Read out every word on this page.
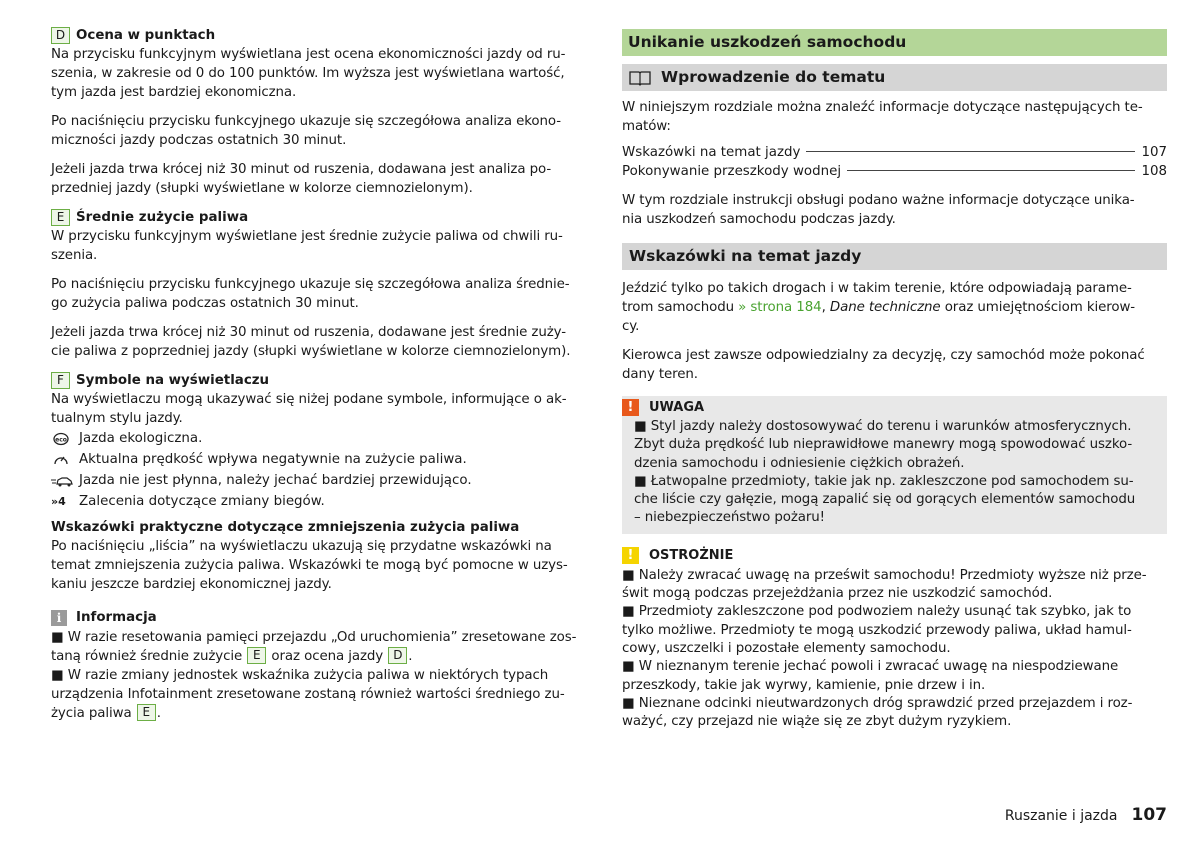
D Ocena w punktach

Na przycisku funkcyjnym wyświetlana jest ocena ekonomiczności jazdy od ru-
szenia, w zakresie od 0 do 100 punktów. Im wyższa jest wyświetlana wartość,
tym jazda jest bardziej ekonomiczna.

Po naciśnięciu przycisku funkcyjnego ukazuje się szczegółowa analiza ekono-
miczności jazdy podczas ostatnich 30 minut.

Jeżeli jazda trwa krócej niż 30 minut od ruszenia, dodawana jest analiza po-
przedniej jazdy (słupki wyświetlane w kolorze ciemnozielonym).

E Średnie zużycie paliwa

W przycisku funkcyjnym wyświetlane jest średnie zużycie paliwa od chwili ru-
szenia.

Po naciśnięciu przycisku funkcyjnego ukazuje się szczegółowa analiza średnie-
go zużycia paliwa podczas ostatnich 30 minut.

Jeżeli jazda trwa krócej niż 30 minut od ruszenia, dodawane jest średnie zuży-
cie paliwa z poprzedniej jazdy (słupki wyświetlane w kolorze ciemnozielonym).

F Symbole na wyświetlaczu

Na wyświetlaczu mogą ukazywać się niżej podane symbole, informujące o ak-
tualnym stylu jazdy.

eco Jazda ekologiczna.
Aktualna prędkość wpływa negatywnie na zużycie paliwa.
Jazda nie jest płynna, należy jechać bardziej przewidująco.
»4 Zalecenia dotyczące zmiany biegów.
Wskazówki praktyczne dotyczące zmniejszenia zużycia paliwa

Po naciśnięciu „liścia” na wyświetlaczu ukazują się przydatne wskazówki na
temat zmniejszenia zużycia paliwa. Wskazówki te mogą być pomocne w uzys-
kaniu jeszcze bardziej ekonomicznej jazdy.

i	Informacja

■ W razie resetowania pamięci przejazdu „Od uruchomienia” zresetowane zos-
taną również średnie zużycie E oraz ocena jazdy D .

■ W razie zmiany jednostek wskaźnika zużycia paliwa w niektórych typach
urządzenia Infotainment zresetowane zostaną również wartości średniego zu-
życia paliwa E .

Unikanie uszkodzeń samochodu
Wprowadzenie do tematu

W niniejszym rozdziale można znaleźć informacje dotyczące następujących te-
matów:

Wskazówki na temat jazdy	107
Pokonywanie przeszkody wodnej	108

W tym rozdziale instrukcji obsługi podano ważne informacje dotyczące unika-
nia uszkodzeń samochodu podczas jazdy.

Wskazówki na temat jazdy

Jeździć tylko po takich drogach i w takim terenie, które odpowiadają parame-
trom samochodu » strona 184, Dane techniczne oraz umiejętnościom kierow-
cy.

Kierowca jest zawsze odpowiedzialny za decyzję, czy samochód może pokonać
dany teren.

!	UWAGA

■ Styl jazdy należy dostosowywać do terenu i warunków atmosferycznych.
Zbyt duża prędkość lub nieprawidłowe manewry mogą spowodować uszko-
dzenia samochodu i odniesienie ciężkich obrażeń.
■ Łatwopalne przedmioty, takie jak np. zakleszczone pod samochodem su-
che liście czy gałęzie, mogą zapalić się od gorących elementów samochodu
– niebezpieczeństwo pożaru!

!	OSTROŻNIE

■ Należy zwracać uwagę na prześwit samochodu! Przedmioty wyższe niż prze-
świt mogą podczas przejeżdżania przez nie uszkodzić samochód.
■ Przedmioty zakleszczone pod podwoziem należy usunąć tak szybko, jak to
tylko możliwe. Przedmioty te mogą uszkodzić przewody paliwa, układ hamul-
cowy, uszczelki i pozostałe elementy samochodu.
■ W nieznanym terenie jechać powoli i zwracać uwagę na niespodziewane
przeszkody, takie jak wyrwy, kamienie, pnie drzew i in.
■ Nieznane odcinki nieutwardzonych dróg sprawdzić przed przejazdem i roz-
ważyć, czy przejazd nie wiąże się ze zbyt dużym ryzykiem.

Ruszanie i jazda 107
